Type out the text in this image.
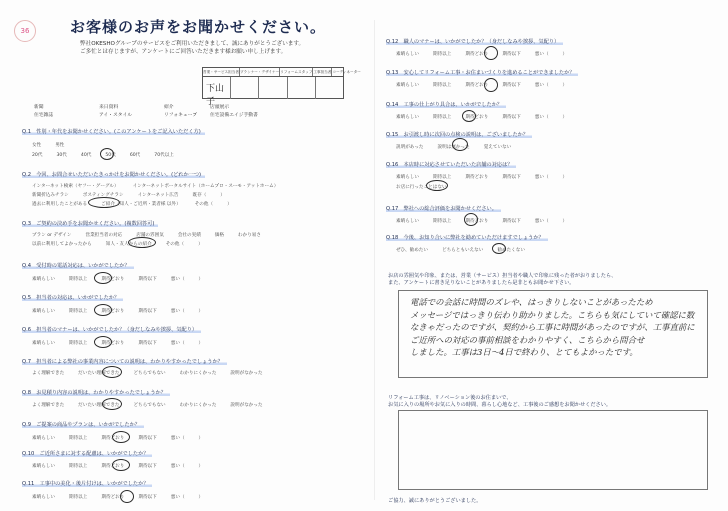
36	お客様のお声をお聞かせください。
弊社OKESHOグループのサービスをご利用いただきまして、誠にありがとうございます。
ご多忙とは存じますが、アンケートにご回答いただきます様お願い申し上げます。
営業・サービス担当者 プランナー・デザイナー リフォームスタッフ 工事担当者 コーディネーター
下山子
新聞	来日資料	紹介	店頭展示
住宅雑誌	アイ・スタイル	リフォキューブ	住宅設備エイジ手動書
Q.1　性別・年代をお聞かせください。(このアンケートをご記入いただく方)
女性	男性
20代	30代	40代	50代	60代	70代以上
Q.2　今回、お問合せいただいたきっかけをお聞かせください。(どれか一つ)
インターネット検索（ヤフー・グーグル）	インターネットポータルサイト（ホームプロ・スーモ・アットホーム）
新聞折込みチラシ	ポスティングチラシ	インターネット広告	既存（	）
過去に利用したことがある	ご紹介（知人・ご近所・業者様 以外）	その他（	）
Q.3　ご契約の決め手をお聞かせください。(複数回答可)
プラン or デザイン	営業担当者の対応	店舗の雰囲気	会社の実績	価格	わかり易さ
以前に利用してよかったから	知人・友人からの紹介	その他（	）
Q.4　受付時の電話対応は、いかがでしたか？
素晴らしい	期待以上	期待どおり	期待以下	悪い（	）
Q.5　担当者の対応は、いかがでしたか？
素晴らしい	期待以上	期待どおり	期待以下	悪い（	）
Q.6　担当者のマナーは、いかがでしたか？（身だしなみや挨拶、気配り）
素晴らしい	期待以上	期待どおり	期待以下	悪い（	）
Q.7　担当者による弊社の事業内容についての説明は、わかりやすかったでしょうか？
よく理解できた	だいたい理解できた	どちらでもない	わかりにくかった	説明がなかった
Q.8　お見積り内容の説明は、わかりやすかったでしょうか？
よく理解できた	だいたい理解できた	どちらでもない	わかりにくかった	説明がなかった
Q.9　ご提案の商品やプランは、いかがでしたか？
素晴らしい	期待以上	期待どおり	期待以下	悪い（	）
Q.10　ご近所さまに対する配慮は、いかがでしたか？
素晴らしい	期待以上	期待どおり	期待以下	悪い（	）
Q.11　工事中の美化・後片付けは、いかがでしたか？
素晴らしい	期待以上	期待どおり	期待以下	悪い（	）
Q.12　職人のマナーは、いかがでしたか？（身だしなみや挨拶、気配り）
素晴らしい	期待以上	期待どおり	期待以下	悪い（	）
Q.13　安心してリフォーム工事・お住まいづくりを進めることができましたか？
素晴らしい	期待以上	期待どおり	期待以下	悪い（	）
Q.14　工事の仕上がり具合は、いかがでしたか？
素晴らしい	期待以上	期待どおり	期待以下	悪い（	）
Q.15　お引渡し時に次回の点検の説明は、ございましたか？
説明があった	説明は無かった	覚えていない
Q.16　本店時に対応させていただいた店舗の対応は？
素晴らしい	期待以上	期待どおり	期待以下	悪い（	）
お店に行ったことはない
Q.17　弊社への総合評価をお聞かせください。
素晴らしい	期待以上	期待どおり	期待以下	悪い（	）
Q.18　今後、お知り合いに弊社を勧めていただけますでしょうか？
ぜひ、勧めたい	どちらともいえない	勧めたくない
お店の雰囲気や印象、または、営業（サービス）担当者や職人で印象に残った者がおりましたら、
また、アンケートに書き足りないことがありましたら是非ともお聞かせ下さい。
電話での会話に時間のズレや、はっきりしないことがあったため
メッセージではっきり伝わり助かりました。こちらも気にしていて確認に数
なきゃだったのですが、契約から工事に時間があったのですが、工事直前に
ご近所への対応の事前相談をわかりやすく、こちらから問合せ
しました。工事は3日〜4日で終わり、とてもよかったです。
リフォーム工事は、リノベーション後のお住まいで、
お気に入りの場所やお気に入りの時間、暮らし心地など、工事後のご感想をお聞かせください。
ご協力、誠にありがとうございました。
